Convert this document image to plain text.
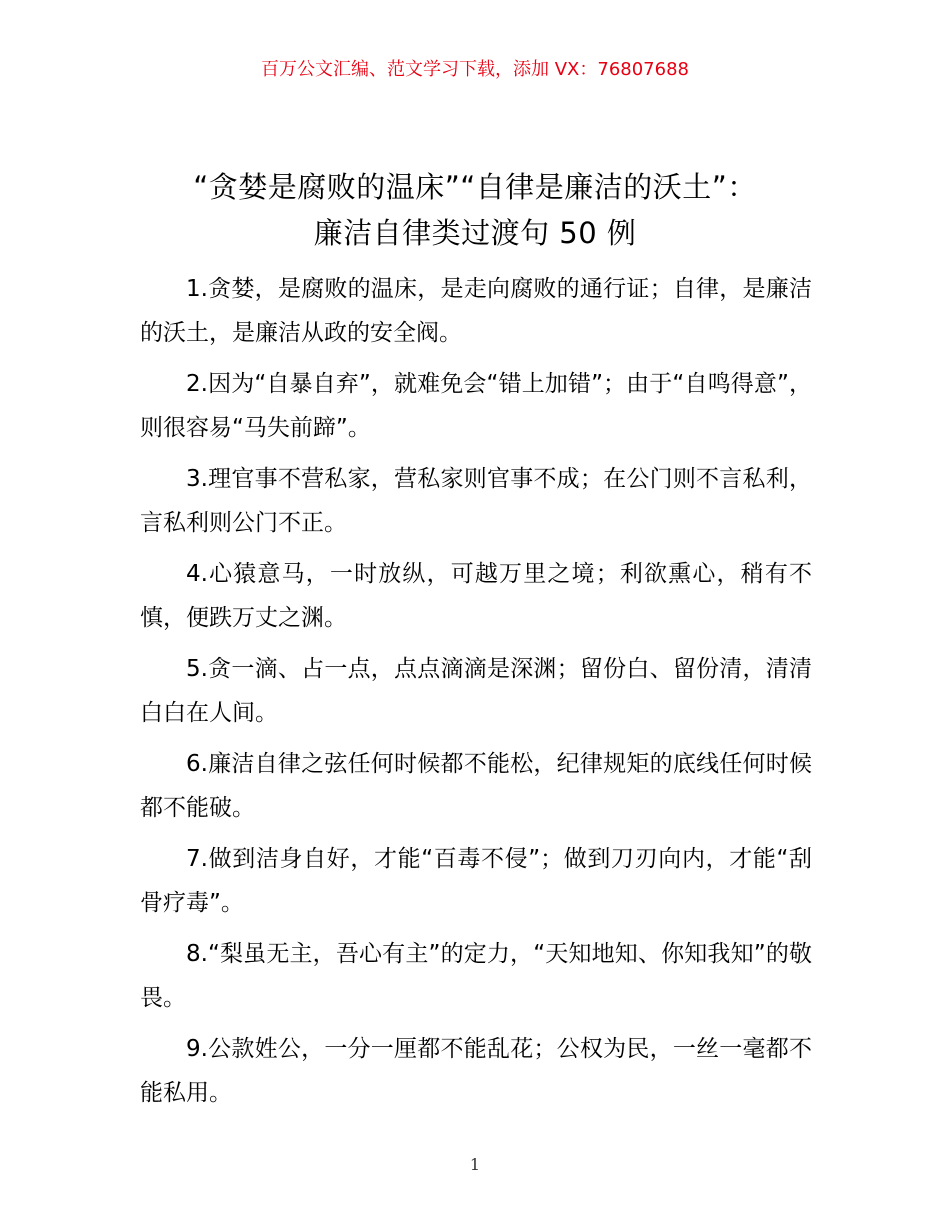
百万公文汇编、范文学习下载，添加 VX：76807688
“贪婪是腐败的温床”“自律是廉洁的沃土”：
廉洁自律类过渡句 50 例

1.贪婪，是腐败的温床，是走向腐败的通行证；自律，是廉洁的沃土，是廉洁从政的安全阀。

2.因为“自暴自弃”，就难免会“错上加错”；由于“自鸣得意”，则很容易“马失前蹄”。

3.理官事不营私家，营私家则官事不成；在公门则不言私利，言私利则公门不正。

4.心猿意马，一时放纵，可越万里之境；利欲熏心，稍有不慎，便跌万丈之渊。

5.贪一滴、占一点，点点滴滴是深渊；留份白、留份清，清清白白在人间。

6.廉洁自律之弦任何时候都不能松，纪律规矩的底线任何时候都不能破。

7.做到洁身自好，才能“百毒不侵”；做到刀刃向内，才能“刮骨疗毒”。

8.“梨虽无主，吾心有主”的定力，“天知地知、你知我知”的敬畏。

9.公款姓公，一分一厘都不能乱花；公权为民，一丝一毫都不能私用。

1
